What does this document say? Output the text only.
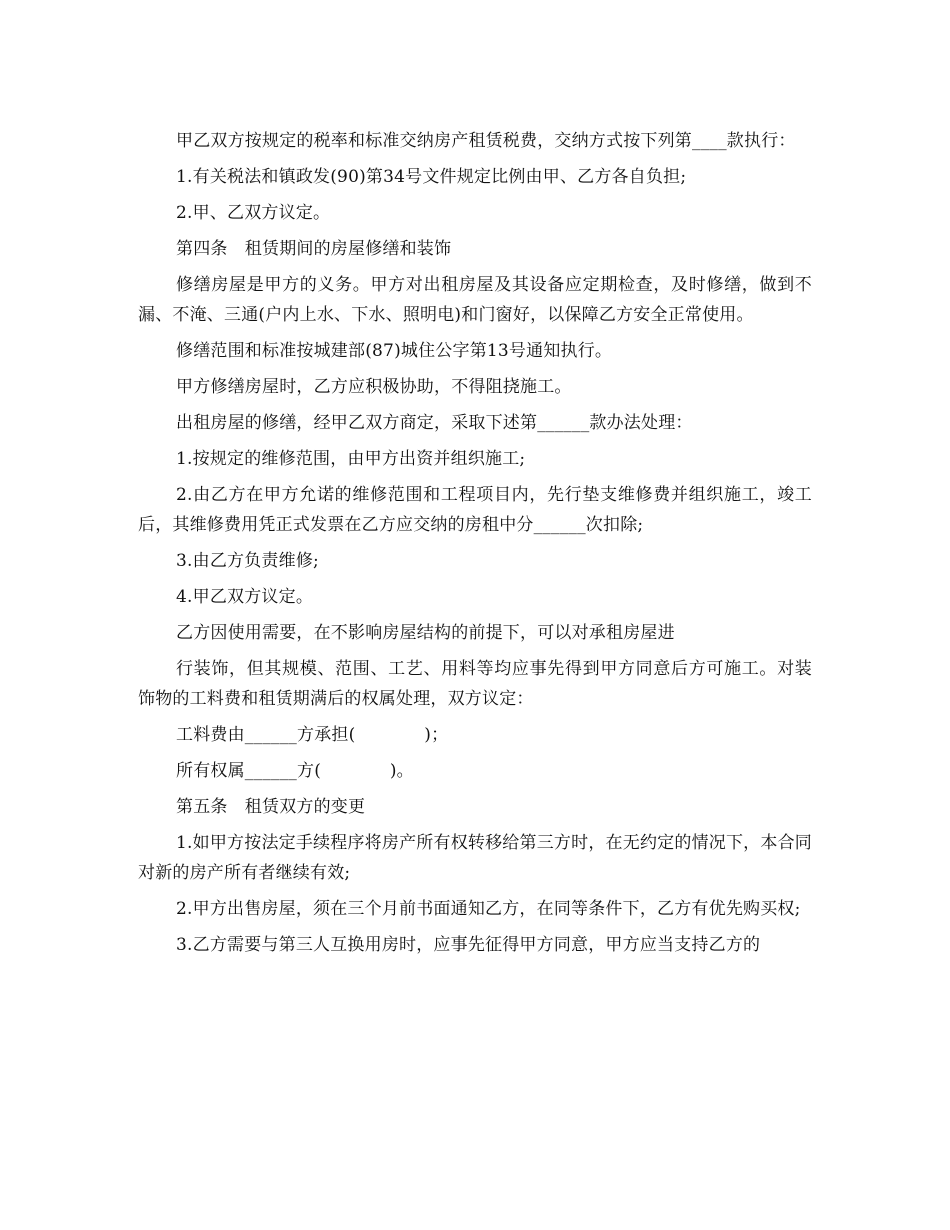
甲乙双方按规定的税率和标准交纳房产租赁税费，交纳方式按下列第____款执行：

1.有关税法和镇政发(90)第34号文件规定比例由甲、乙方各自负担;

2.甲、乙双方议定。

第四条　租赁期间的房屋修缮和装饰

修缮房屋是甲方的义务。甲方对出租房屋及其设备应定期检查，及时修缮，做到不漏、不淹、三通(户内上水、下水、照明电)和门窗好，以保障乙方安全正常使用。

修缮范围和标准按城建部(87)城住公字第13号通知执行。

甲方修缮房屋时，乙方应积极协助，不得阻挠施工。

出租房屋的修缮，经甲乙双方商定，采取下述第______款办法处理：

1.按规定的维修范围，由甲方出资并组织施工;

2.由乙方在甲方允诺的维修范围和工程项目内，先行垫支维修费并组织施工，竣工后，其维修费用凭正式发票在乙方应交纳的房租中分______次扣除;

3.由乙方负责维修;

4.甲乙双方议定。

乙方因使用需要，在不影响房屋结构的前提下，可以对承租房屋进

行装饰，但其规模、范围、工艺、用料等均应事先得到甲方同意后方可施工。对装饰物的工料费和租赁期满后的权属处理，双方议定：

工料费由______方承担(　　　　)；

所有权属______方(　　　　)。

第五条　租赁双方的变更

1.如甲方按法定手续程序将房产所有权转移给第三方时，在无约定的情况下，本合同对新的房产所有者继续有效;

2.甲方出售房屋，须在三个月前书面通知乙方，在同等条件下，乙方有优先购买权;

3.乙方需要与第三人互换用房时，应事先征得甲方同意，甲方应当支持乙方的
